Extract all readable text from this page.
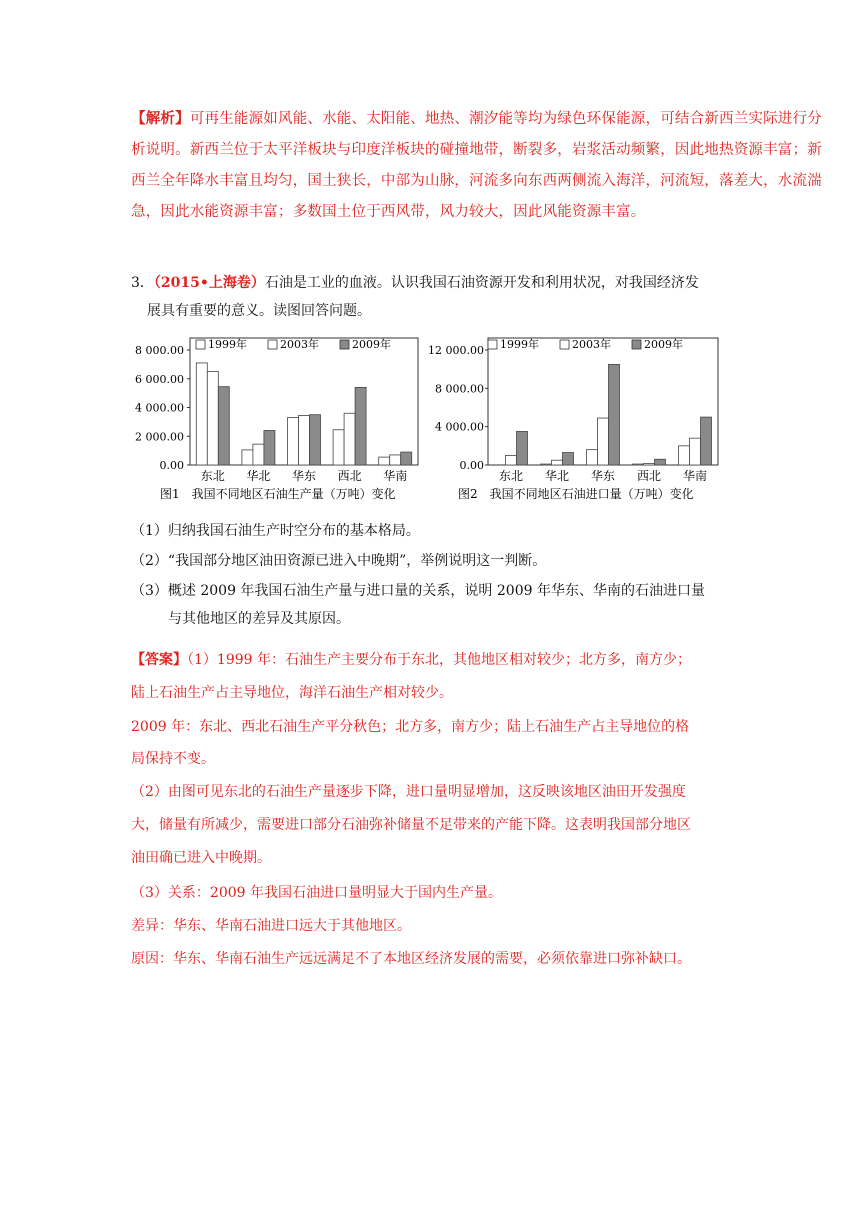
【解析】可再生能源如风能、水能、太阳能、地热、潮汐能等均为绿色环保能源，可结合新西兰实际进行分析说明。新西兰位于太平洋板块与印度洋板块的碰撞地带，断裂多，岩浆活动频繁，因此地热资源丰富；新西兰全年降水丰富且均匀，国土狭长，中部为山脉，河流多向东西两侧流入海洋，河流短，落差大，水流湍急，因此水能资源丰富；多数国土位于西风带，风力较大，因此风能资源丰富。
3．（2015•上海卷）石油是工业的血液。认识我国石油资源开发和利用状况，对我国经济发
展具有重要的意义。读图回答问题。
0.00
2 000.00
4 000.00
6 000.00
8 000.00
东北 华北 华东 西北 华南
1999年	2003年	2009年
图1　我国不同地区石油生产量（万吨）变化
0.00
4 000.00
8 000.00
12 000.00
东北 华北 华东 西北 华南
1999年	2003年	2009年
图2　我国不同地区石油进口量（万吨）变化
（1）归纳我国石油生产时空分布的基本格局。
（2）“我国部分地区油田资源已进入中晚期”，举例说明这一判断。
（3）概述 2009 年我国石油生产量与进口量的关系，说明 2009 年华东、华南的石油进口量
与其他地区的差异及其原因。
【答案】（1）1999 年：石油生产主要分布于东北，其他地区相对较少；北方多，南方少；
陆上石油生产占主导地位，海洋石油生产相对较少。
2009 年：东北、西北石油生产平分秋色；北方多，南方少；陆上石油生产占主导地位的格
局保持不变。
（2）由图可见东北的石油生产量逐步下降，进口量明显增加，这反映该地区油田开发强度
大，储量有所减少，需要进口部分石油弥补储量不足带来的产能下降。这表明我国部分地区
油田确已进入中晚期。
（3）关系：2009 年我国石油进口量明显大于国内生产量。
差异：华东、华南石油进口远大于其他地区。
原因：华东、华南石油生产远远满足不了本地区经济发展的需要，必须依靠进口弥补缺口。
